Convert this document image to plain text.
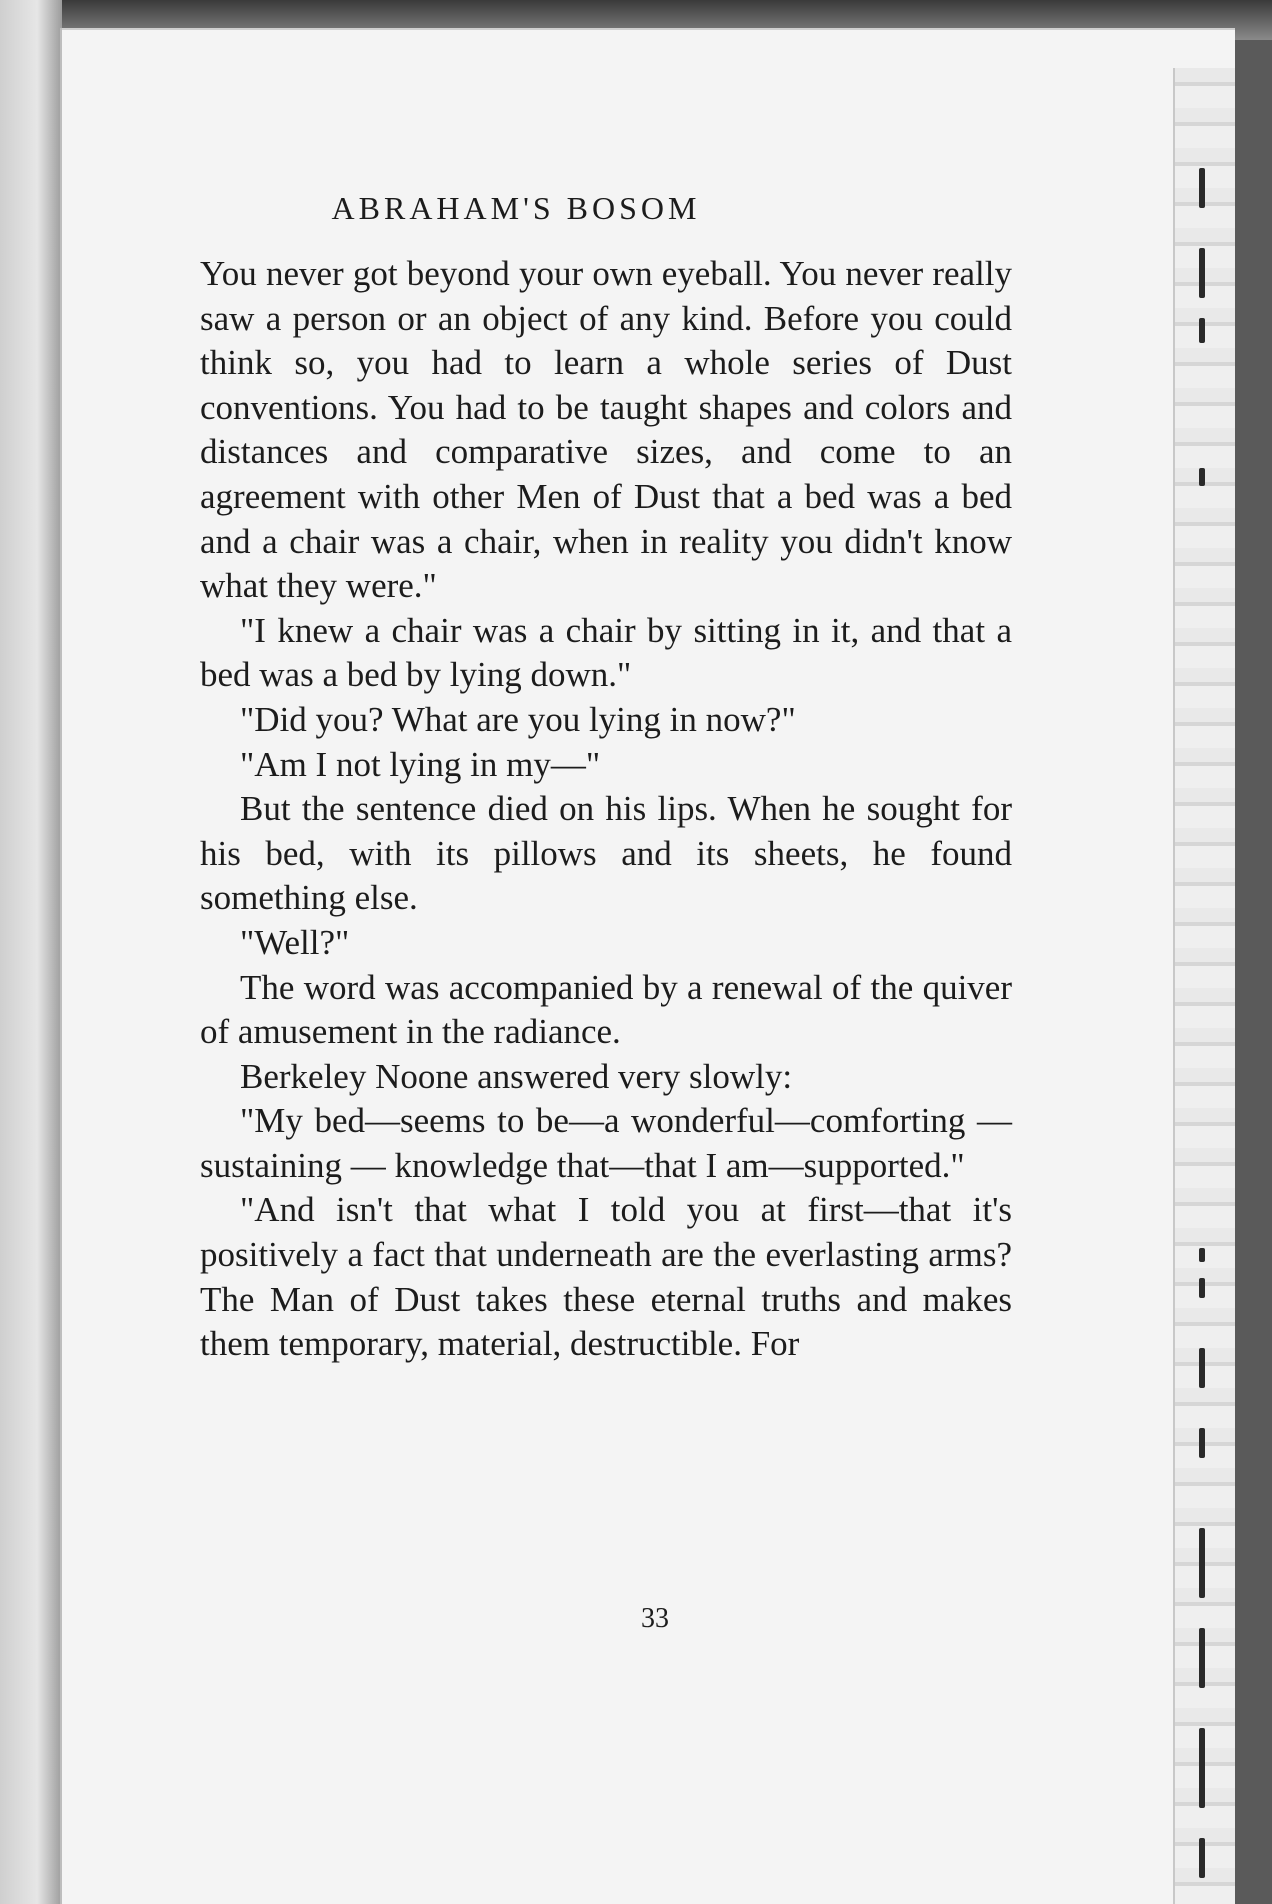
ABRAHAM'S BOSOM

You never got beyond your own eyeball. You never really saw a person or an object of any kind. Before you could think so, you had to learn a whole series of Dust conventions. You had to be taught shapes and colors and distances and comparative sizes, and come to an agreement with other Men of Dust that a bed was a bed and a chair was a chair, when in reality you didn't know what they were."

"I knew a chair was a chair by sitting in it, and that a bed was a bed by lying down."

"Did you? What are you lying in now?"

"Am I not lying in my—"

But the sentence died on his lips. When he sought for his bed, with its pillows and its sheets, he found something else.

"Well?"

The word was accompanied by a renewal of the quiver of amusement in the radiance.

Berkeley Noone answered very slowly:

"My bed—seems to be—a wonderful—comforting — sustaining — knowledge that—that I am—supported."

"And isn't that what I told you at first—that it's positively a fact that underneath are the everlasting arms? The Man of Dust takes these eternal truths and makes them temporary, material, destructible. For

33
